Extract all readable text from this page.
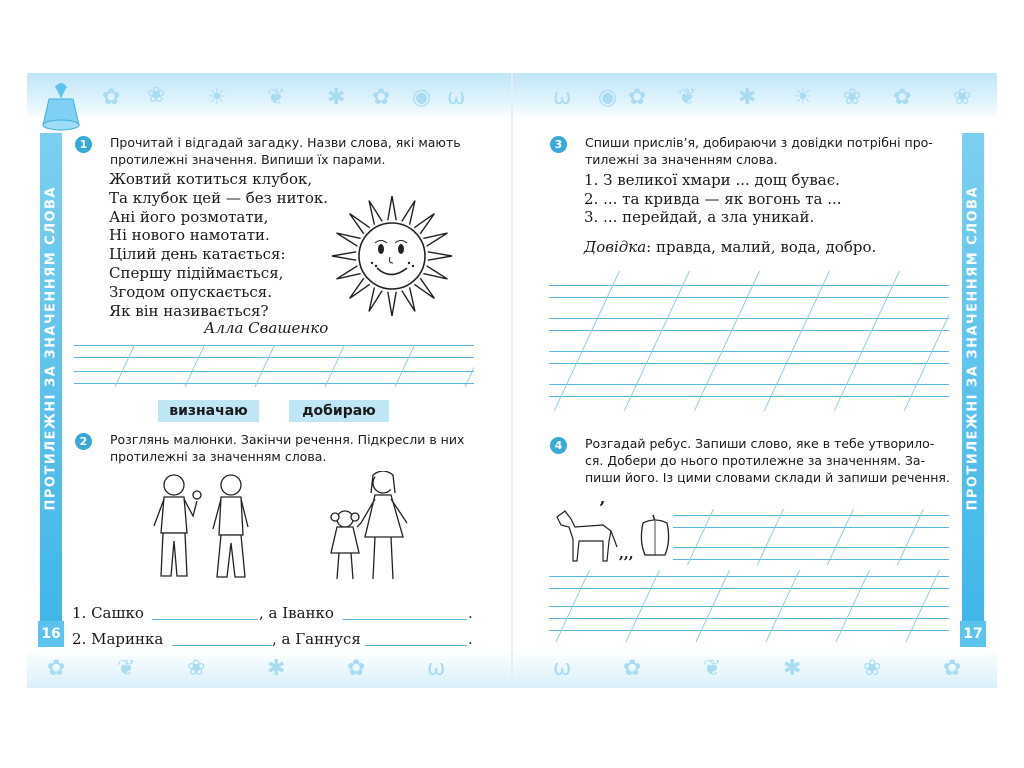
✿ ❀ ☀ ❦ ✱ ✿ ◉ ѡ
✿ ❦ ❀	✱	✿	ѡ
ПРОТИЛЕЖНІ ЗА ЗНАЧЕННЯМ СЛОВА
16
1	Прочитай і відгадай загадку. Назви слова, які мають
протилежні значення. Випиши їх парами.
Жовтий котиться клубок,
Та клубок цей — без ниток.
Ані його розмотати,
Ні нового намотати.
Цілий день катається:
Спершу підіймається,
Згодом опускається.
Як він називається?
Алла Свашенко
визначаю	добираю
2	Розглянь малюнки. Закінчи речення. Підкресли в них
протилежні за значенням слова.
1. Сашко	, а Іванко	.
2. Маринка	, а Ганнуся	.
ѡ ◉ ✿ ❦ ✱ ☀ ❀ ✿ ❀
ѡ ✿	❦	✱	❀	✿
ПРОТИЛЕЖНІ ЗА ЗНАЧЕННЯМ СЛОВА
17
3	Спиши прислів’я, добираючи з довідки потрібні про-
тилежні за значенням слова.
1. З великої хмари ... дощ буває.
2. ... та кривда — як вогонь та ...
3. ... перейдай, а зла уникай.
Довідка: правда, малий, вода, добро.
4	Розгадай ребус. Запиши слово, яке в тебе утворило-
ся. Добери до нього протилежне за значенням. За-
пиши його. Із цими словами склади й запиши речення.
’
,,,
